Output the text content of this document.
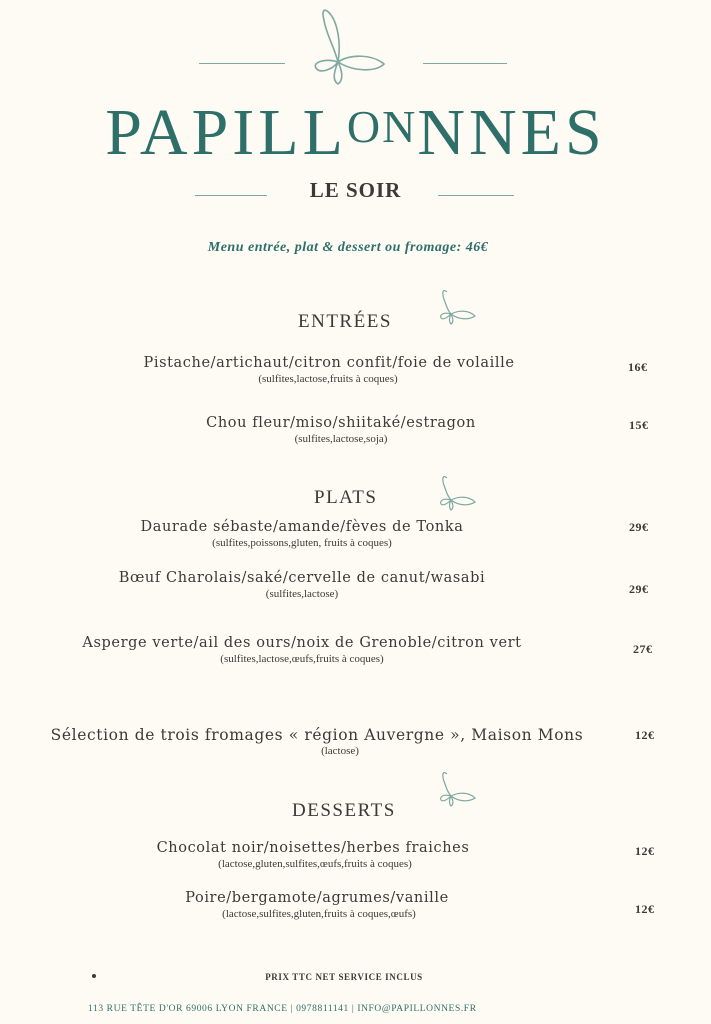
PAPILLONNNES
LE SOIR
Menu entrée, plat & dessert ou fromage: 46€
ENTRÉES
Pistache/artichaut/citron confit/foie de volaille
(sulfites,lactose,fruits à coques)
16€
Chou fleur/miso/shiitaké/estragon
(sulfites,lactose,soja)
15€
PLATS
Daurade sébaste/amande/fèves de Tonka
(sulfites,poissons,gluten, fruits à coques)
29€
Bœuf Charolais/saké/cervelle de canut/wasabi
(sulfites,lactose)	29€
Asperge verte/ail des ours/noix de Grenoble/citron vert
(sulfites,lactose,œufs,fruits à coques)
27€
Sélection de trois fromages « région Auvergne », Maison Mons
(lactose)
12€
DESSERTS
Chocolat noir/noisettes/herbes fraiches
(lactose,gluten,sulfites,œufs,fruits à coques)
12€
Poire/bergamote/agrumes/vanille
(lactose,sulfites,gluten,fruits à coques,œufs)	12€
PRIX TTC NET SERVICE INCLUS
113 RUE TÊTE D'OR 69006 LYON FRANCE | 0978811141 | INFO@PAPILLONNES.FR
